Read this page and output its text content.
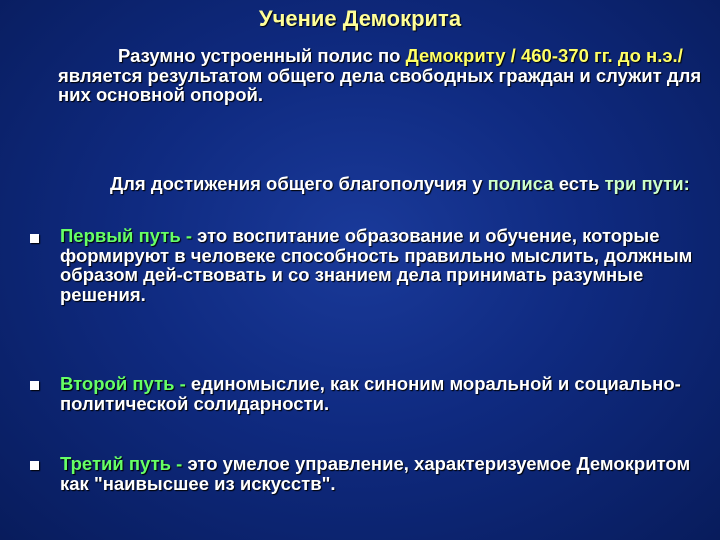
Учение Демокрита
Разумно устроенный полис по Демокриту / 460-370 гг. до н.э./ является результатом общего дела свободных граждан и служит для них основной опорой.
Для достижения общего благополучия у полиса есть три пути:
Первый путь - это воспитание образование и обучение, которые формируют в человеке способность правильно мыслить, должным образом дей-ствовать и со знанием дела принимать разумные решения.
Второй путь - единомыслие, как синоним моральной и социально-политической солидарности.
Третий путь - это умелое управление, характеризуемое Демокритом как "наивысшее из искусств".
